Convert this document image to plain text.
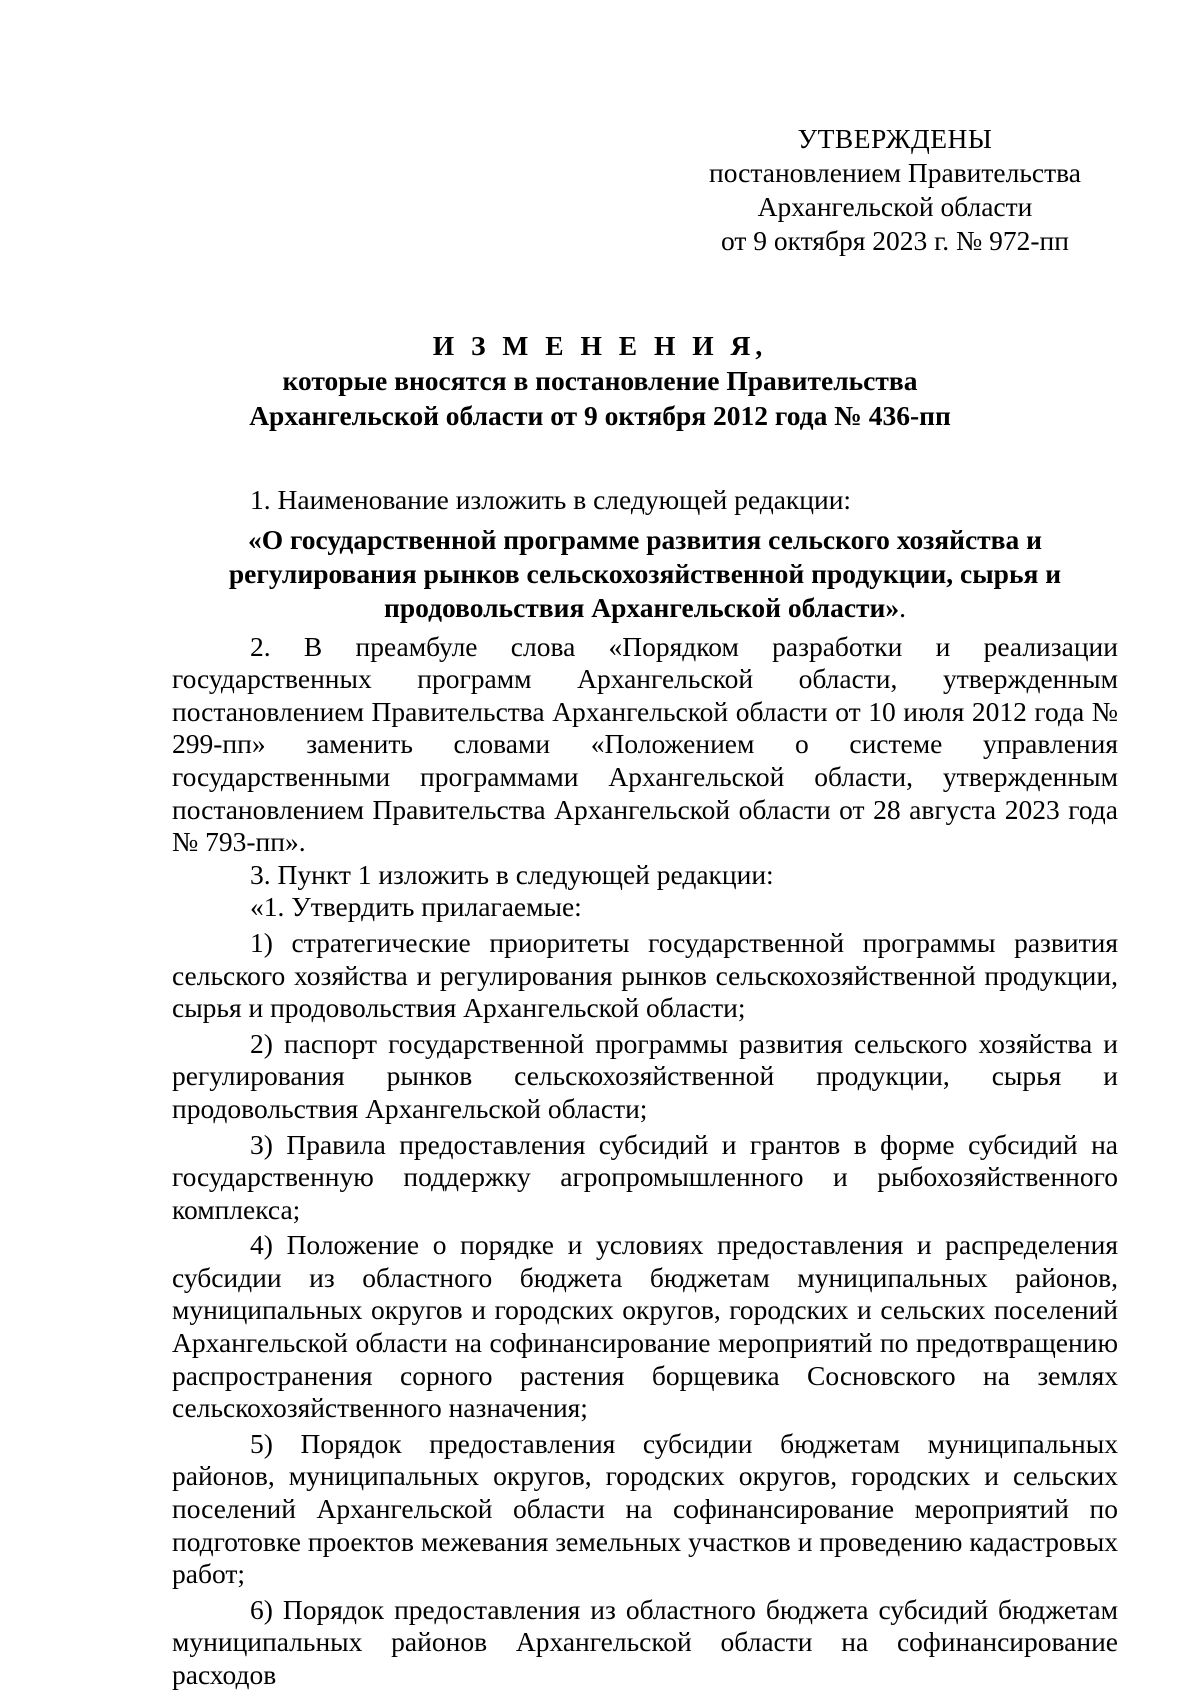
УТВЕРЖДЕНЫ
постановлением Правительства
Архангельской области
от 9 октября 2023 г. № 972-пп
И З М Е Н Е Н И Я,
которые вносятся в постановление Правительства
Архангельской области от 9 октября 2012 года № 436-пп

1. Наименование изложить в следующей редакции:

«О государственной программе развития сельского хозяйства и регулирования рынков сельскохозяйственной продукции, сырья и продовольствия Архангельской области».

2. В преамбуле слова «Порядком разработки и реализации государственных программ Архангельской области, утвержденным постановлением Правительства Архангельской области от 10 июля 2012 года № 299-пп» заменить словами «Положением о системе управления государственными программами Архангельской области, утвержденным постановлением Правительства Архангельской области от 28 августа 2023 года № 793-пп».

3. Пункт 1 изложить в следующей редакции:

«1. Утвердить прилагаемые:

1) стратегические приоритеты государственной программы развития сельского хозяйства и регулирования рынков сельскохозяйственной продукции, сырья и продовольствия Архангельской области;

2) паспорт государственной программы развития сельского хозяйства и регулирования рынков сельскохозяйственной продукции, сырья и продовольствия Архангельской области;

3) Правила предоставления субсидий и грантов в форме субсидий на государственную поддержку агропромышленного и рыбохозяйственного комплекса;

4) Положение о порядке и условиях предоставления и распределения субсидии из областного бюджета бюджетам муниципальных районов, муниципальных округов и городских округов, городских и сельских поселений Архангельской области на софинансирование мероприятий по предотвращению распространения сорного растения борщевика Сосновского на землях сельскохозяйственного назначения;

5) Порядок предоставления субсидии бюджетам муниципальных районов, муниципальных округов, городских округов, городских и сельских поселений Архангельской области на софинансирование мероприятий по подготовке проектов межевания земельных участков и проведению кадастровых работ;

6) Порядок предоставления из областного бюджета субсидий бюджетам муниципальных районов Архангельской области на софинансирование расходов
